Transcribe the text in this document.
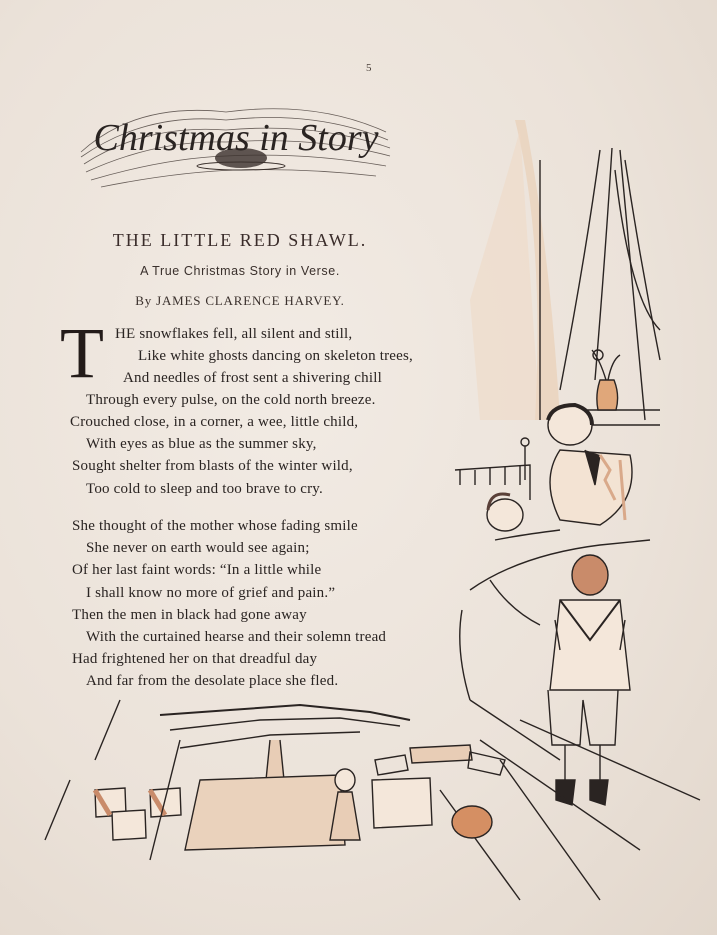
5
Christmas in Story
THE LITTLE RED SHAWL.
A True Christmas Story in Verse.
By JAMES CLARENCE HARVEY.
T HE snowflakes fell, all silent and still,
Like white ghosts dancing on skeleton trees,
And needles of frost sent a shivering chill
Through every pulse, on the cold north breeze.
Crouched close, in a corner, a wee, little child,
With eyes as blue as the summer sky,
Sought shelter from blasts of the winter wild,
Too cold to sleep and too brave to cry.
She thought of the mother whose fading smile
She never on earth would see again;
Of her last faint words: “In a little while
I shall know no more of grief and pain.”
Then the men in black had gone away
With the curtained hearse and their solemn tread
Had frightened her on that dreadful day
And far from the desolate place she fled.
